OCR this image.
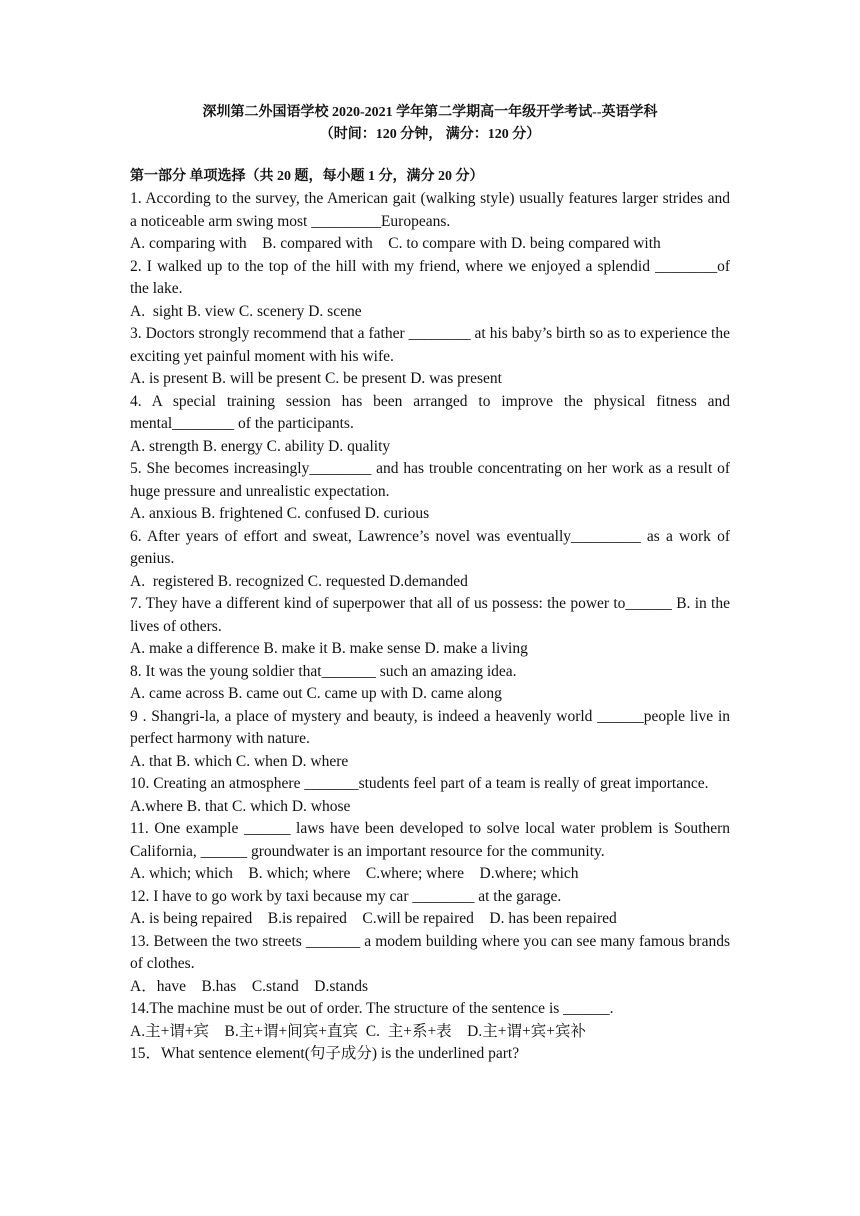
深圳第二外国语学校 2020-2021 学年第二学期高一年级开学考试--英语学科

（时间：120 分钟， 满分：120 分）

第一部分 单项选择（共 20 题，每小题 1 分，满分 20 分）

1. According to the survey, the American gait (walking style) usually features larger strides and a noticeable arm swing most _________Europeans.

A. comparing with    B. compared with    C. to compare with D. being compared with

2. I walked up to the top of the hill with my friend, where we enjoyed a splendid ________of the lake.

A.  sight B. view C. scenery D. scene

3. Doctors strongly recommend that a father ________ at his baby’s birth so as to experience the exciting yet painful moment with his wife.

A. is present B. will be present C. be present D. was present

4. A special training session has been arranged to improve the physical fitness and mental________ of the participants.

A. strength B. energy C. ability D. quality

5. She becomes increasingly________ and has trouble concentrating on her work as a result of huge pressure and unrealistic expectation.

A. anxious B. frightened C. confused D. curious

6. After years of effort and sweat, Lawrence’s novel was eventually_________ as a work of genius.

A.  registered B. recognized C. requested D.demanded

7. They have a different kind of superpower that all of us possess: the power to______ B. in the lives of others.

A. make a difference B. make it B. make sense D. make a living

8. It was the young soldier that_______ such an amazing idea.

A. came across B. came out C. came up with D. came along

9 . Shangri-la, a place of mystery and beauty, is indeed a heavenly world ______people live in perfect harmony with nature.

A. that B. which C. when D. where

10. Creating an atmosphere _______students feel part of a team is really of great importance.

A.where B. that C. which D. whose

11. One example ______ laws have been developed to solve local water problem is Southern California, ______ groundwater is an important resource for the community.

A. which; which    B. which; where    C.where; where    D.where; which

12. I have to go work by taxi because my car ________ at the garage.

A. is being repaired    B.is repaired    C.will be repaired    D. has been repaired

13. Between the two streets _______ a modem building where you can see many famous brands of clothes.

A．have    B.has    C.stand    D.stands

14.The machine must be out of order. The structure of the sentence is ______.

A.主+谓+宾    B.主+谓+间宾+直宾  C.  主+系+表    D.主+谓+宾+宾补

15．What sentence element(句子成分) is the underlined part?
